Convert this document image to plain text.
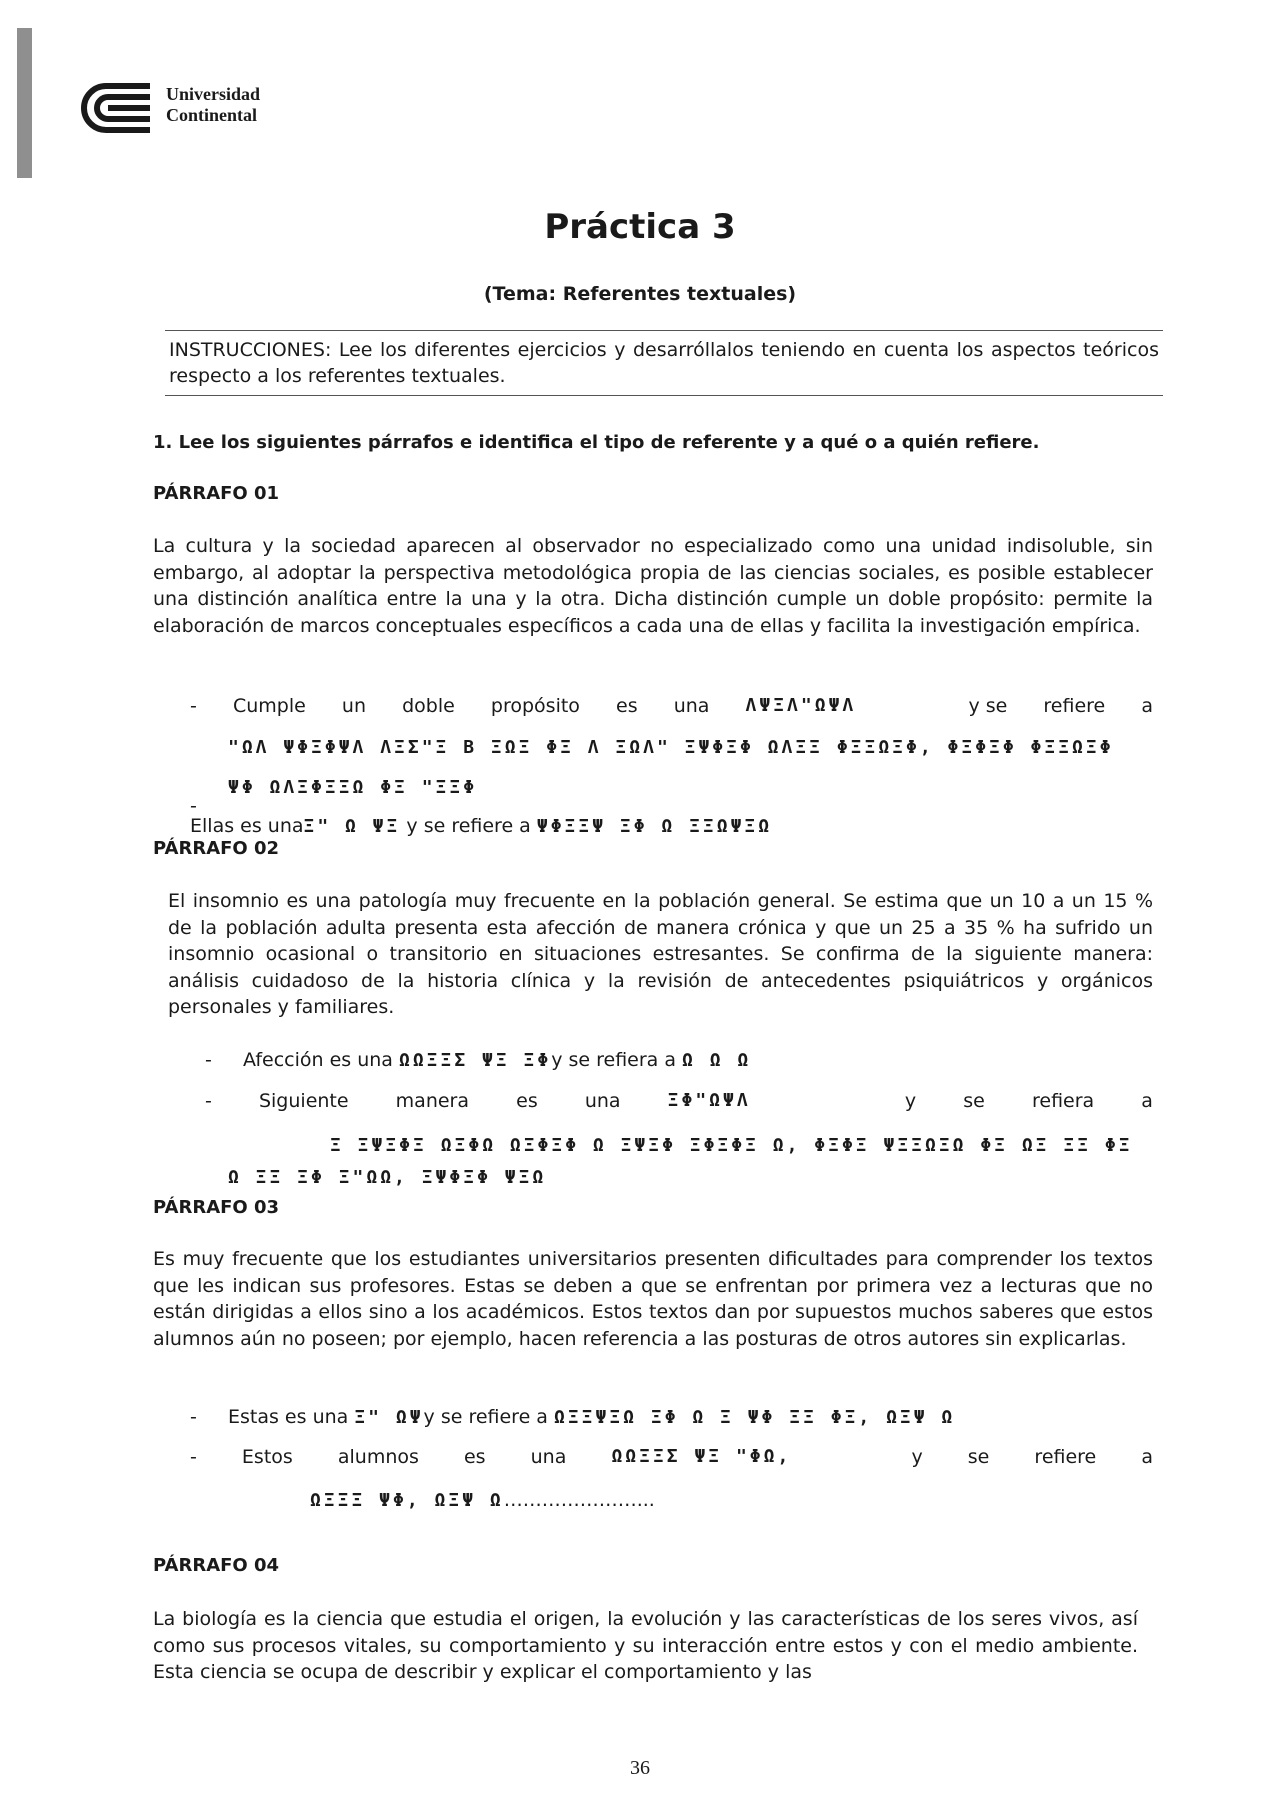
Universidad
Continental
Práctica 3
(Tema: Referentes textuales)
INSTRUCCIONES: Lee los diferentes ejercicios y desarróllalos teniendo en cuenta los aspectos teóricos respecto a los referentes textuales.
1. Lee los siguientes párrafos e identifica el tipo de referente y a qué o a quién refiere.
PÁRRAFO 01
La cultura y la sociedad aparecen al observador no especializado como una unidad indisoluble, sin embargo, al adoptar la perspectiva metodológica propia de las ciencias sociales, es posible establecer una distinción analítica entre la una y la otra. Dicha distinción cumple un doble propósito: permite la elaboración de marcos conceptuales específicos a cada una de ellas y facilita la investigación empírica.
- Cumple un doble propósito es una ΛΨΞΛ"ΩΨΛ	y se refiere a
"ΩΛ ΨΦΞΦΨΛ ΛΞΣ"Ξ Β ΞΩΞ ΦΞ Λ ΞΩΛ" ΞΨΦΞΦ ΩΛΞΞ ΦΞΞΩΞΦ, ΦΞΦΞΦ ΦΞΞΩΞΦ
ΨΦ ΩΛΞΦΞΞΩ ΦΞ "ΞΞΦ
-
Ellas es unaΞ" Ω ΨΞ y se refiere a ΨΦΞΞΨ ΞΦ Ω ΞΞΩΨΞΩ
PÁRRAFO 02
El insomnio es una patología muy frecuente en la población general. Se estima que un 10 a un 15 % de la población adulta presenta esta afección de manera crónica y que un 25 a 35 % ha sufrido un insomnio ocasional o transitorio en situaciones estresantes. Se confirma de la siguiente manera: análisis cuidadoso de la historia clínica y la revisión de antecedentes psiquiátricos y orgánicos personales y familiares.
- Afección es una ΩΩΞΞΣ ΨΞ ΞΦy se refiera a Ω Ω Ω
- Siguiente manera es una	ΞΦ"ΩΨΛ	y se refiera a
Ξ ΞΨΞΦΞ ΩΞΦΩ ΩΞΦΞΦ Ω ΞΨΞΦ ΞΦΞΦΞ Ω, ΦΞΦΞ ΨΞΞΩΞΩ ΦΞ ΩΞ ΞΞ ΦΞ
Ω ΞΞ ΞΦ Ξ"ΩΩ, ΞΨΦΞΦ ΨΞΩ
PÁRRAFO 03
Es muy frecuente que los estudiantes universitarios presenten dificultades para comprender los textos que les indican sus profesores. Estas se deben a que se enfrentan por primera vez a lecturas que no están dirigidas a ellos sino a los académicos. Estos textos dan por supuestos muchos saberes que estos alumnos aún no poseen; por ejemplo, hacen referencia a las posturas de otros autores sin explicarlas.
- Estas es una Ξ" ΩΨy se refiere a ΩΞΞΨΞΩ ΞΦ Ω Ξ ΨΦ ΞΞ ΦΞ, ΩΞΨ Ω
- Estos alumnos es una	ΩΩΞΞΣ ΨΞ "ΦΩ,	y se refiere a
ΩΞΞΞ ΨΦ, ΩΞΨ Ω…………………...
PÁRRAFO 04
La biología es la ciencia que estudia el origen, la evolución y las características de los seres vivos, así como sus procesos vitales, su comportamiento y su interacción entre estos y con el medio ambiente. Esta ciencia se ocupa de describir y explicar el comportamiento y las
36
